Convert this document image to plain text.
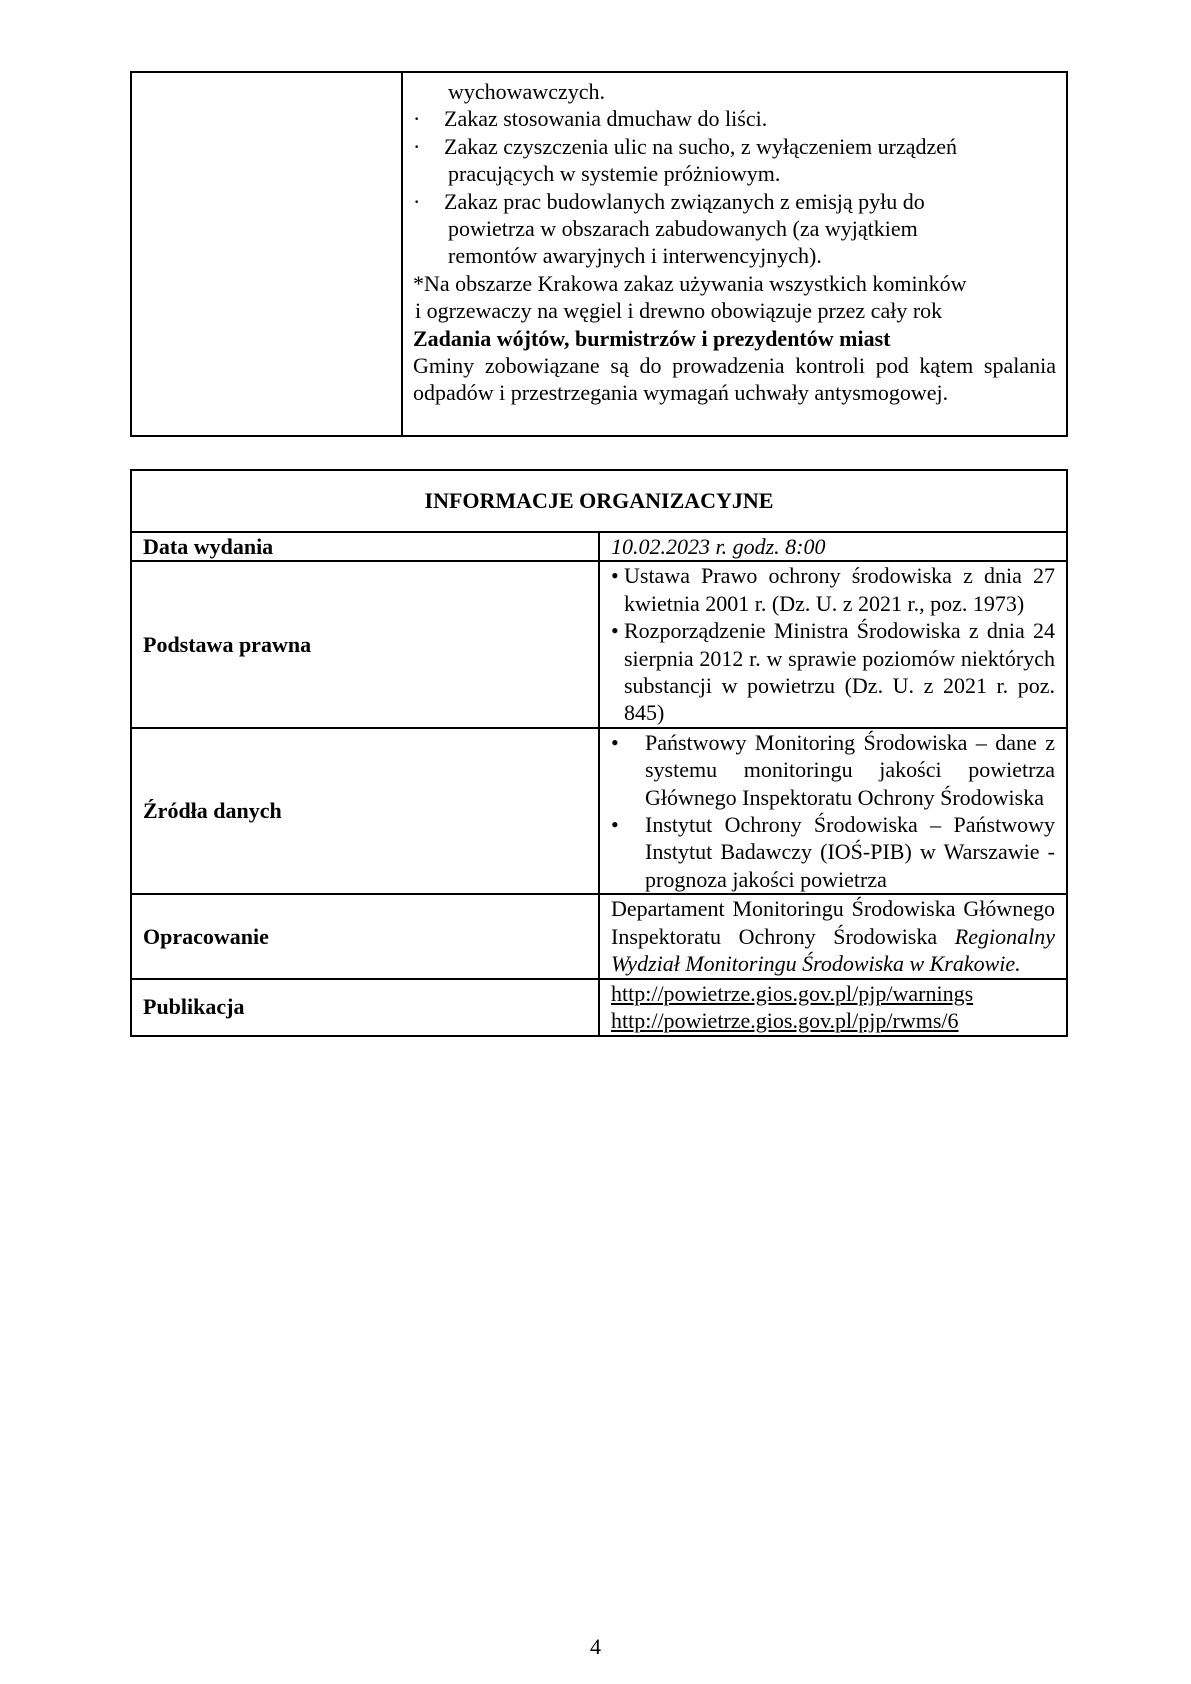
wychowawczych.
·	Zakaz stosowania dmuchaw do liści.
·	Zakaz czyszczenia ulic na sucho, z wyłączeniem urządzeń
pracujących w systemie próżniowym.
·	Zakaz prac budowlanych związanych z emisją pyłu do
powietrza w obszarach zabudowanych (za wyjątkiem
remontów awaryjnych i interwencyjnych).
*Na obszarze Krakowa zakaz używania wszystkich kominków
i ogrzewaczy na węgiel i drewno obowiązuje przez cały rok
Zadania wójtów, burmistrzów i prezydentów miast
Gminy zobowiązane są do prowadzenia kontroli pod kątem spalania odpadów i przestrzegania wymagań uchwały antysmogowej.
INFORMACJE ORGANIZACYJNE	
Data wydania	10.02.2023 r. godz. 8:00
Podstawa prawna	• Ustawa Prawo ochrony środowiska z dnia 27 kwietnia 2001 r. (Dz. U. z 2021 r., poz. 1973)
• Rozporządzenie Ministra Środowiska z dnia 24 sierpnia 2012 r. w sprawie poziomów niektórych substancji w powietrzu (Dz. U. z 2021 r. poz. 845)

Źródła danych	• Państwowy Monitoring Środowiska – dane z systemu monitoringu jakości powietrza Głównego Inspektoratu Ochrony Środowiska
• Instytut Ochrony Środowiska – Państwowy Instytut Badawczy (IOŚ-PIB) w Warszawie - prognoza jakości powietrza

Opracowanie	Departament Monitoringu Środowiska Głównego Inspektoratu Ochrony Środowiska Regionalny Wydział Monitoringu Środowiska w Krakowie.
Publikacja	http://powietrze.gios.gov.pl/pjp/warnings
http://powietrze.gios.gov.pl/pjp/rwms/6
4
